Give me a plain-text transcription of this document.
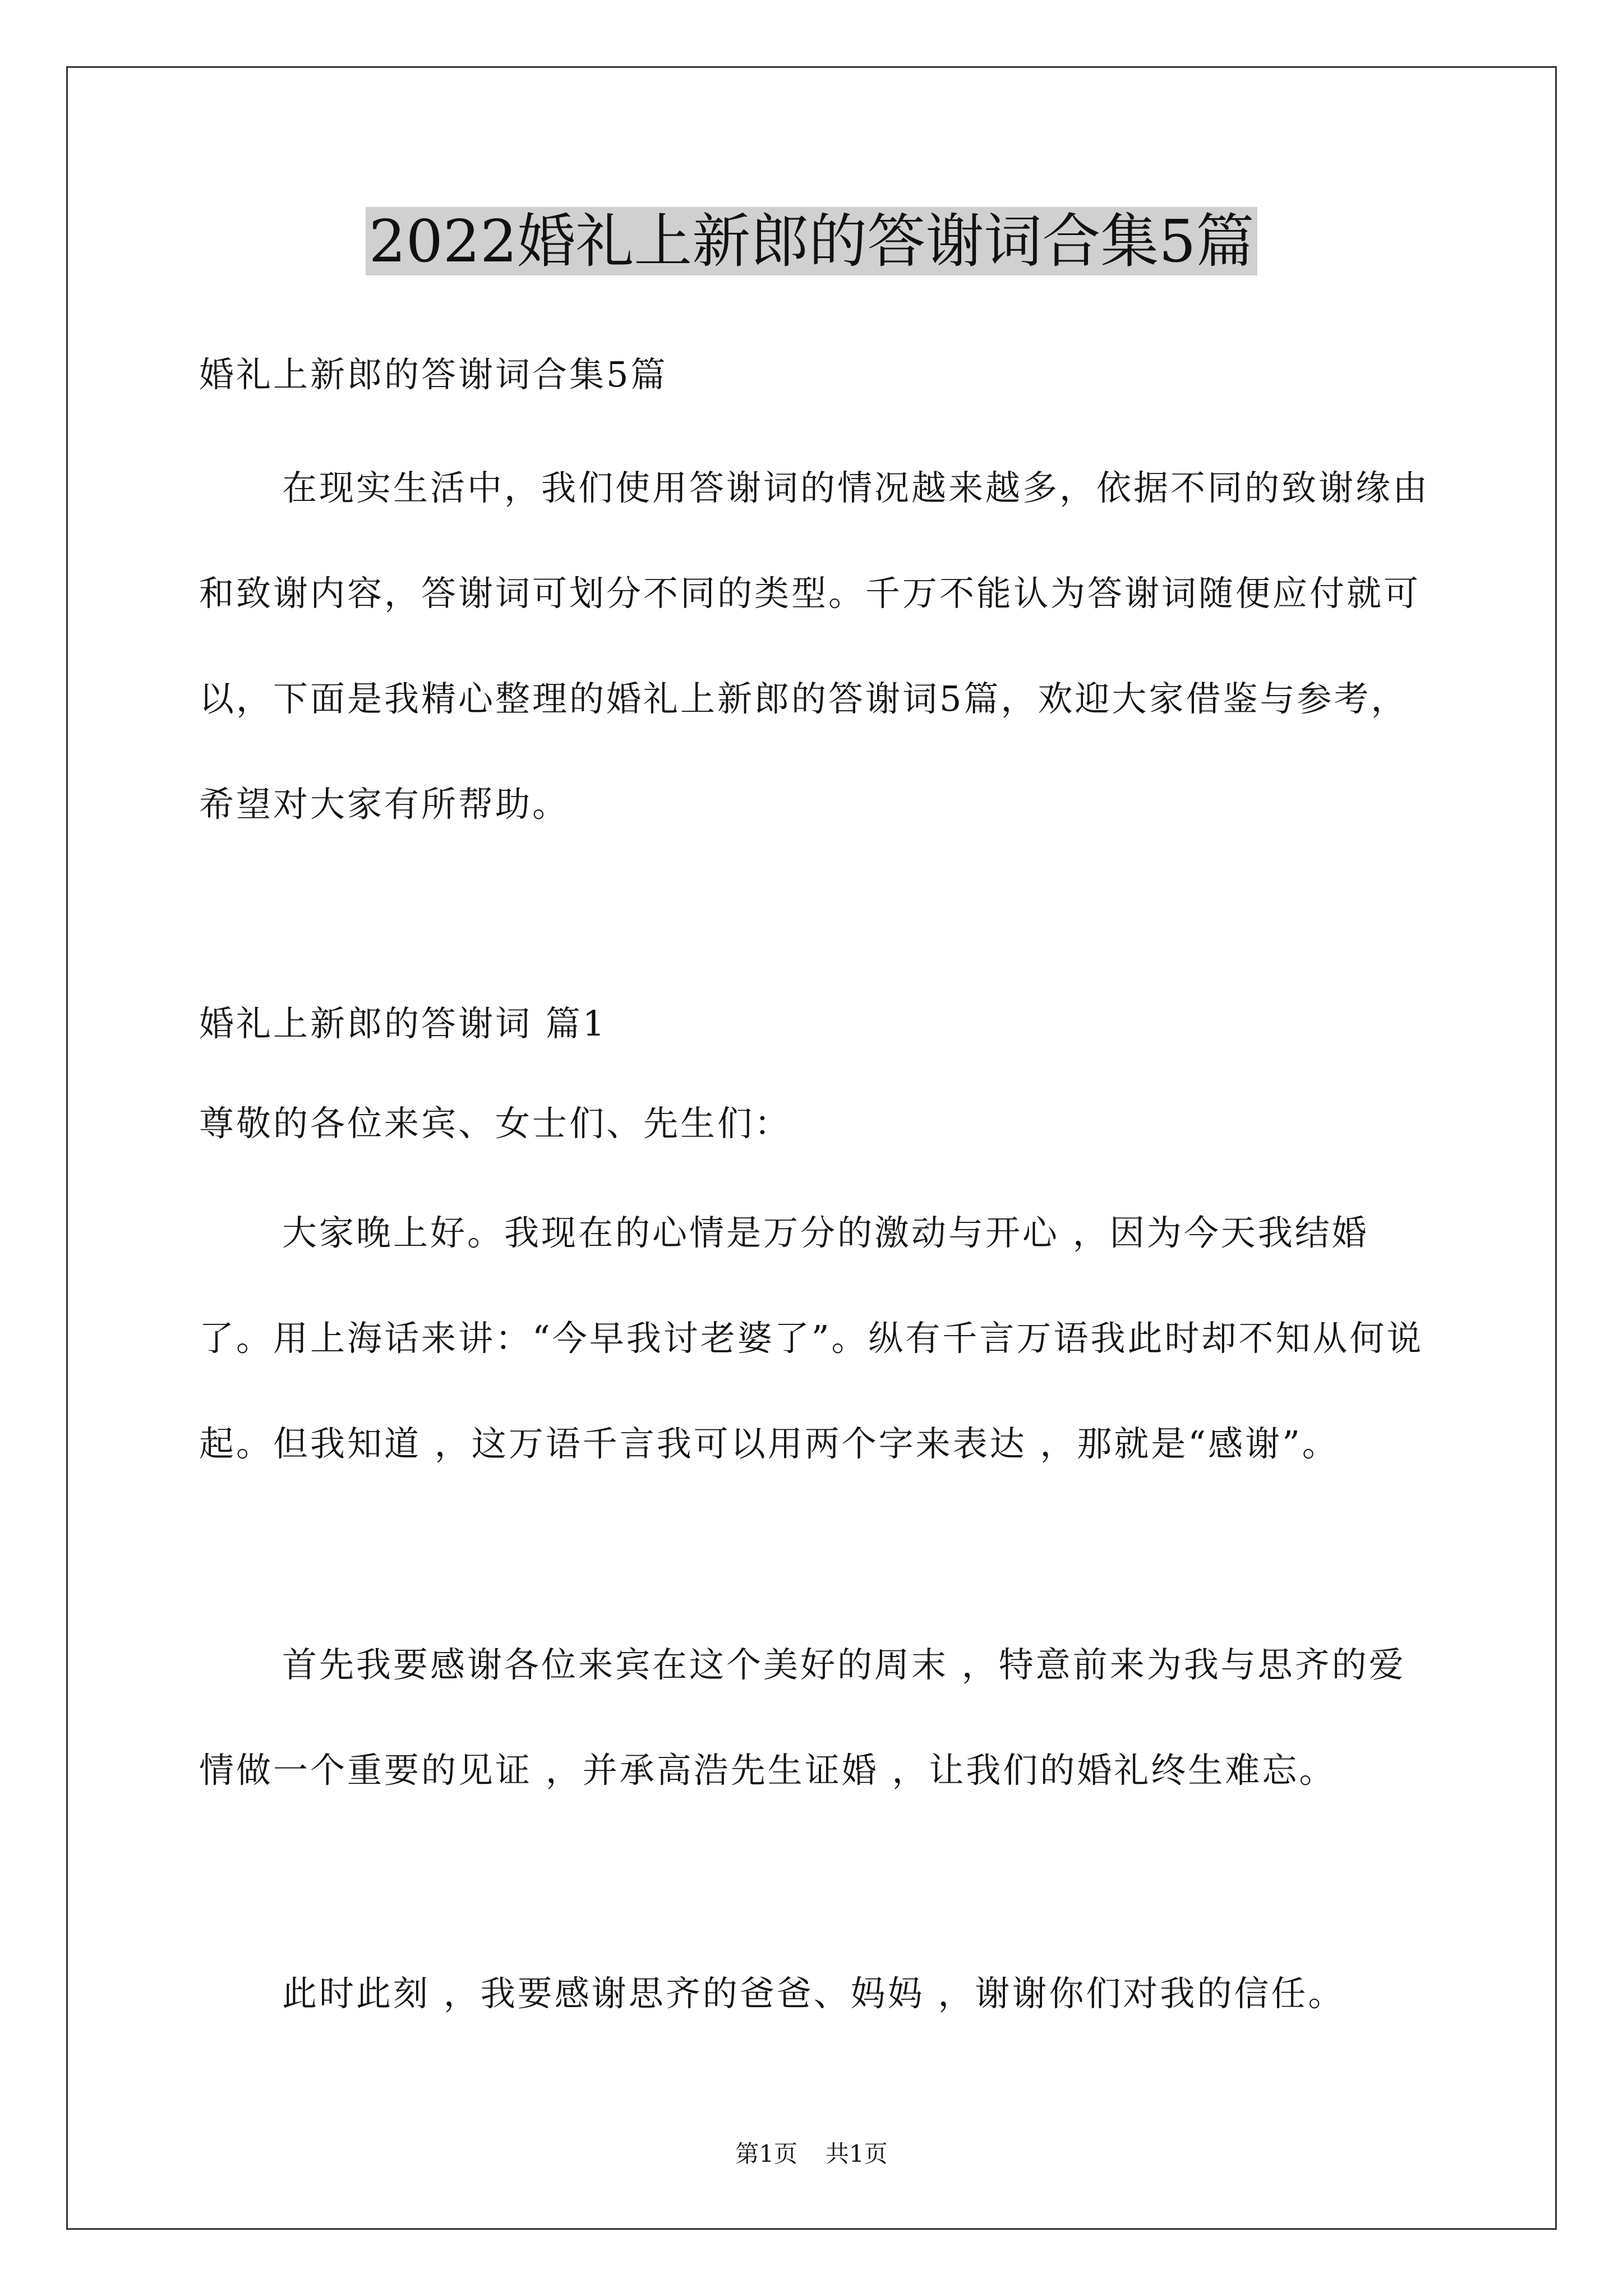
2022婚礼上新郎的答谢词合集5篇

婚礼上新郎的答谢词合集5篇

在现实生活中，我们使用答谢词的情况越来越多，依据不同的致谢缘由和致谢内容，答谢词可划分不同的类型。千万不能认为答谢词随便应付就可以，下面是我精心整理的婚礼上新郎的答谢词5篇，欢迎大家借鉴与参考，希望对大家有所帮助。

婚礼上新郎的答谢词 篇1

尊敬的各位来宾、女士们、先生们：

大家晚上好。我现在的心情是万分的激动与开心 ，因为今天我结婚了。用上海话来讲：“今早我讨老婆了”。纵有千言万语我此时却不知从何说起。但我知道 ，这万语千言我可以用两个字来表达 ，那就是“感谢”。

首先我要感谢各位来宾在这个美好的周末 ，特意前来为我与思齐的爱情做一个重要的见证 ，并承高浩先生证婚 ，让我们的婚礼终生难忘。

此时此刻 ，我要感谢思齐的爸爸、妈妈 ，谢谢你们对我的信任。

第1页 共1页
